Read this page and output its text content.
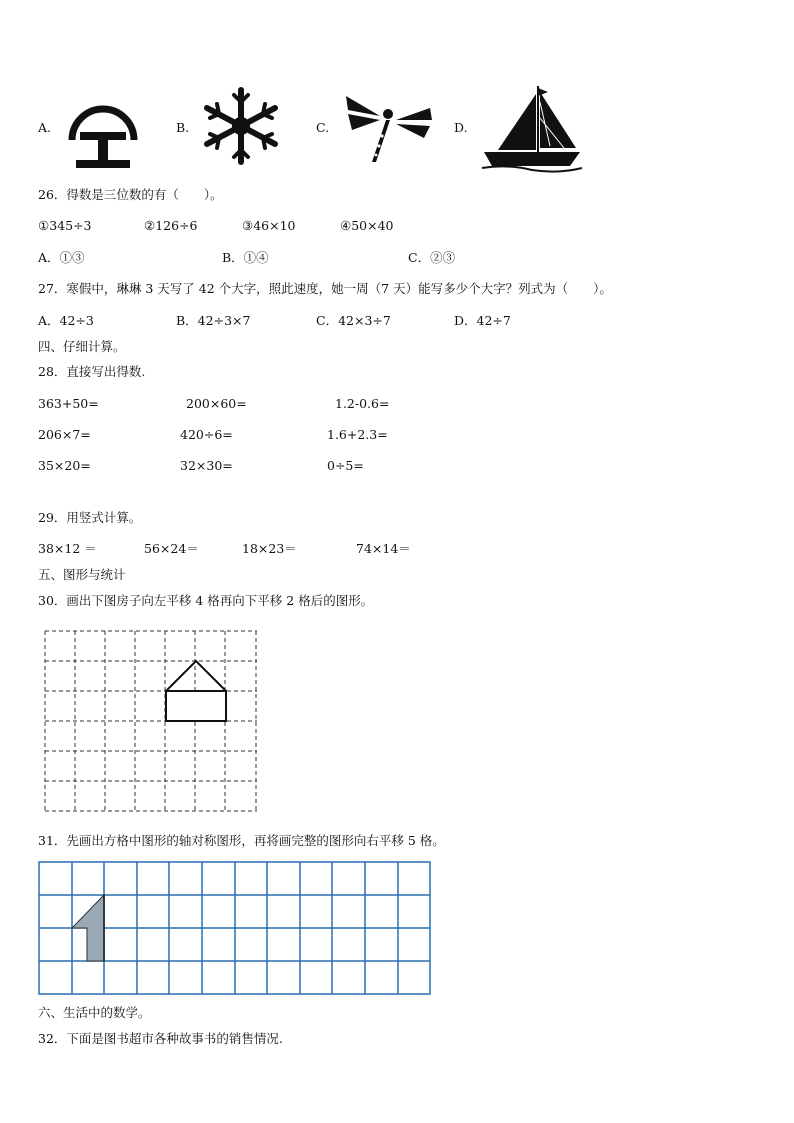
A.	B.	C.	D.
26．得数是三位数的有（　　）。
①345÷3	②126÷6	③46×10	④50×40
A．①③	B．①④	C．②③
27．寒假中，琳琳 3 天写了 42 个大字，照此速度，她一周（7 天）能写多少个大字？列式为（　　）。
A．42÷3	B．42÷3×7	C．42×3÷7	D．42÷7
四、仔细计算。
28．直接写出得数.
363+50=	200×60=	1.2-0.6=
206×7=	420÷6=	1.6+2.3=
35×20=	32×30=	0÷5=
29．用竖式计算。
38×12 ＝	56×24＝	18×23＝	74×14＝
五、图形与统计
30．画出下图房子向左平移 4 格再向下平移 2 格后的图形。
31．先画出方格中图形的轴对称图形，再将画完整的图形向右平移 5 格。
六、生活中的数学。
32．下面是图书超市各种故事书的销售情况.
